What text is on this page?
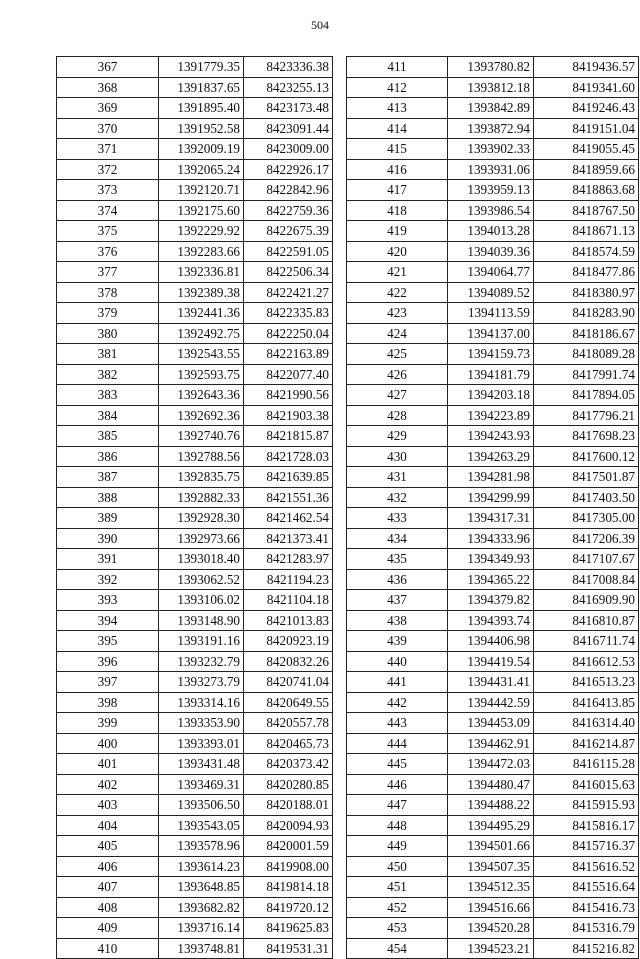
504
367	1391779.35	8423336.38
368	1391837.65	8423255.13
369	1391895.40	8423173.48
370	1391952.58	8423091.44
371	1392009.19	8423009.00
372	1392065.24	8422926.17
373	1392120.71	8422842.96
374	1392175.60	8422759.36
375	1392229.92	8422675.39
376	1392283.66	8422591.05
377	1392336.81	8422506.34
378	1392389.38	8422421.27
379	1392441.36	8422335.83
380	1392492.75	8422250.04
381	1392543.55	8422163.89
382	1392593.75	8422077.40
383	1392643.36	8421990.56
384	1392692.36	8421903.38
385	1392740.76	8421815.87
386	1392788.56	8421728.03
387	1392835.75	8421639.85
388	1392882.33	8421551.36
389	1392928.30	8421462.54
390	1392973.66	8421373.41
391	1393018.40	8421283.97
392	1393062.52	8421194.23
393	1393106.02	8421104.18
394	1393148.90	8421013.83
395	1393191.16	8420923.19
396	1393232.79	8420832.26
397	1393273.79	8420741.04
398	1393314.16	8420649.55
399	1393353.90	8420557.78
400	1393393.01	8420465.73
401	1393431.48	8420373.42
402	1393469.31	8420280.85
403	1393506.50	8420188.01
404	1393543.05	8420094.93
405	1393578.96	8420001.59
406	1393614.23	8419908.00
407	1393648.85	8419814.18
408	1393682.82	8419720.12
409	1393716.14	8419625.83
410	1393748.81	8419531.31
411	1393780.82	8419436.57
412	1393812.18	8419341.60
413	1393842.89	8419246.43
414	1393872.94	8419151.04
415	1393902.33	8419055.45
416	1393931.06	8418959.66
417	1393959.13	8418863.68
418	1393986.54	8418767.50
419	1394013.28	8418671.13
420	1394039.36	8418574.59
421	1394064.77	8418477.86
422	1394089.52	8418380.97
423	1394113.59	8418283.90
424	1394137.00	8418186.67
425	1394159.73	8418089.28
426	1394181.79	8417991.74
427	1394203.18	8417894.05
428	1394223.89	8417796.21
429	1394243.93	8417698.23
430	1394263.29	8417600.12
431	1394281.98	8417501.87
432	1394299.99	8417403.50
433	1394317.31	8417305.00
434	1394333.96	8417206.39
435	1394349.93	8417107.67
436	1394365.22	8417008.84
437	1394379.82	8416909.90
438	1394393.74	8416810.87
439	1394406.98	8416711.74
440	1394419.54	8416612.53
441	1394431.41	8416513.23
442	1394442.59	8416413.85
443	1394453.09	8416314.40
444	1394462.91	8416214.87
445	1394472.03	8416115.28
446	1394480.47	8416015.63
447	1394488.22	8415915.93
448	1394495.29	8415816.17
449	1394501.66	8415716.37
450	1394507.35	8415616.52
451	1394512.35	8415516.64
452	1394516.66	8415416.73
453	1394520.28	8415316.79
454	1394523.21	8415216.82
